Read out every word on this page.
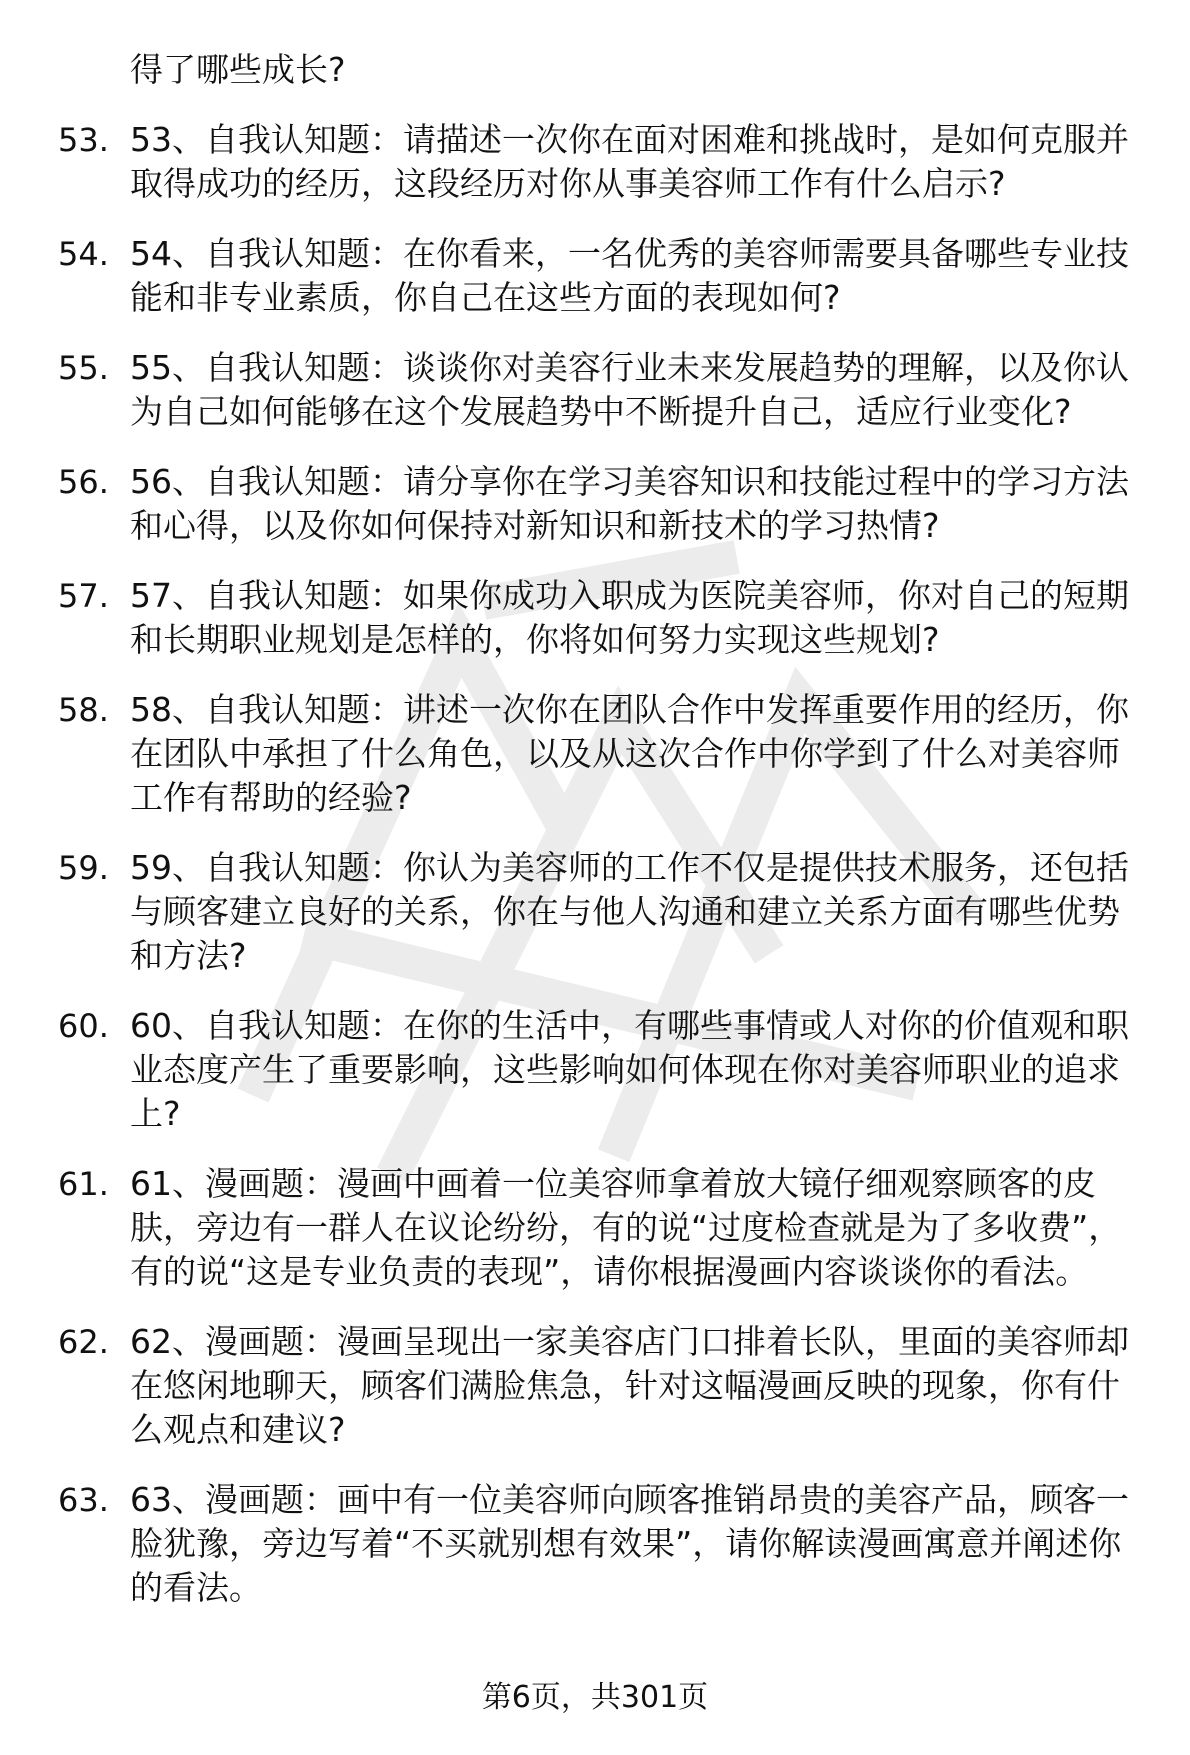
得了哪些成长?
53. 53、自我认知题：请描述一次你在面对困难和挑战时，是如何克服并取得成功的经历，这段经历对你从事美容师工作有什么启示?
54. 54、自我认知题：在你看来，一名优秀的美容师需要具备哪些专业技能和非专业素质，你自己在这些方面的表现如何?
55. 55、自我认知题：谈谈你对美容行业未来发展趋势的理解，以及你认为自己如何能够在这个发展趋势中不断提升自己，适应行业变化?
56. 56、自我认知题：请分享你在学习美容知识和技能过程中的学习方法和心得，以及你如何保持对新知识和新技术的学习热情?
57. 57、自我认知题：如果你成功入职成为医院美容师，你对自己的短期和长期职业规划是怎样的，你将如何努力实现这些规划?
58. 58、自我认知题：讲述一次你在团队合作中发挥重要作用的经历，你在团队中承担了什么角色，以及从这次合作中你学到了什么对美容师工作有帮助的经验?
59. 59、自我认知题：你认为美容师的工作不仅是提供技术服务，还包括与顾客建立良好的关系，你在与他人沟通和建立关系方面有哪些优势和方法?
60. 60、自我认知题：在你的生活中，有哪些事情或人对你的价值观和职业态度产生了重要影响，这些影响如何体现在你对美容师职业的追求上?
61. 61、漫画题：漫画中画着一位美容师拿着放大镜仔细观察顾客的皮肤，旁边有一群人在议论纷纷，有的说“过度检查就是为了多收费”，有的说“这是专业负责的表现”，请你根据漫画内容谈谈你的看法。
62. 62、漫画题：漫画呈现出一家美容店门口排着长队，里面的美容师却在悠闲地聊天，顾客们满脸焦急，针对这幅漫画反映的现象，你有什么观点和建议?
63. 63、漫画题：画中有一位美容师向顾客推销昂贵的美容产品，顾客一脸犹豫，旁边写着“不买就别想有效果”，请你解读漫画寓意并阐述你的看法。
第6页，共301页
